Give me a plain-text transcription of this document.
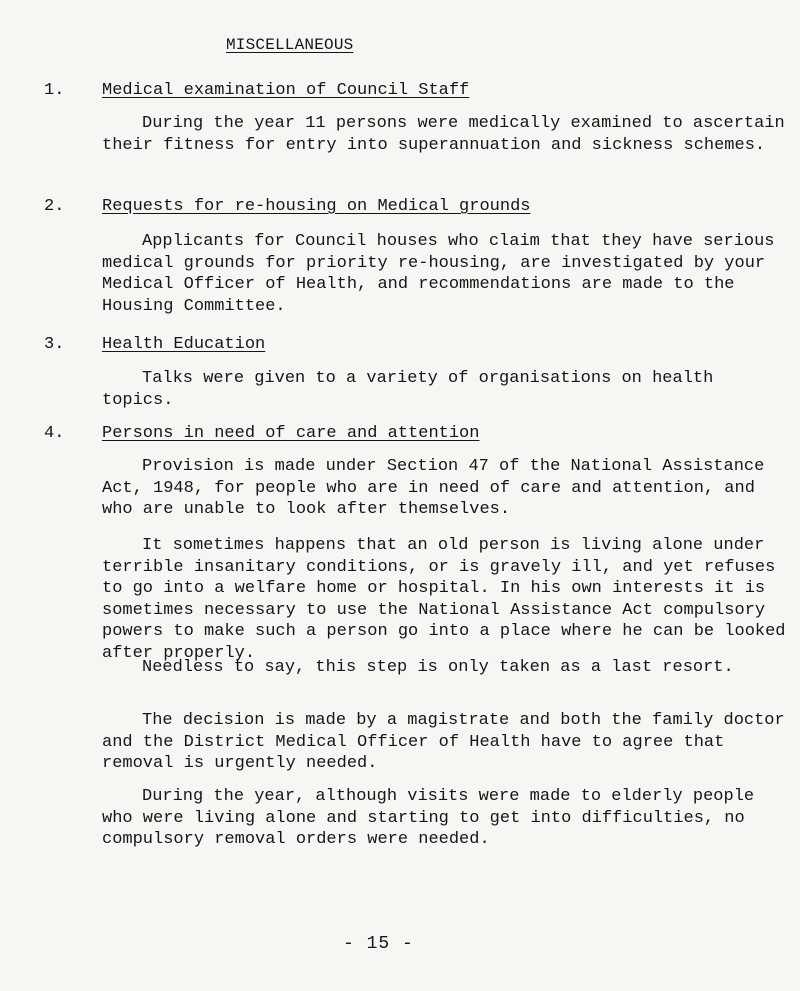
MISCELLANEOUS
1. Medical examination of Council Staff

During the year 11 persons were medically examined to ascertain their fitness for entry into superannuation and sickness schemes.

2. Requests for re-housing on Medical grounds

Applicants for Council houses who claim that they have serious medical grounds for priority re-housing, are investigated by your Medical Officer of Health, and recommendations are made to the Housing Committee.

3. Health Education

Talks were given to a variety of organisations on health topics.

4. Persons in need of care and attention

Provision is made under Section 47 of the National Assistance Act, 1948, for people who are in need of care and attention, and who are unable to look after themselves.

It sometimes happens that an old person is living alone under terrible insanitary conditions, or is gravely ill, and yet refuses to go into a welfare home or hospital. In his own interests it is sometimes necessary to use the National Assistance Act compulsory powers to make such a person go into a place where he can be looked after properly.

Needless to say, this step is only taken as a last resort.

The decision is made by a magistrate and both the family doctor and the District Medical Officer of Health have to agree that removal is urgently needed.

During the year, although visits were made to elderly people who were living alone and starting to get into difficulties, no compulsory removal orders were needed.

- 15 -
